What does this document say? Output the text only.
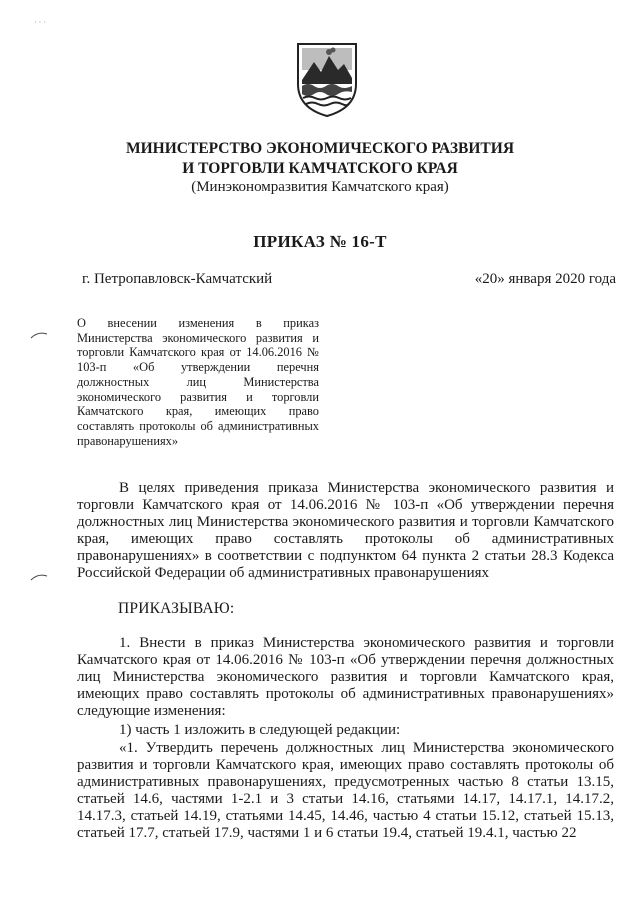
· · ·
МИНИСТЕРСТВО ЭКОНОМИЧЕСКОГО РАЗВИТИЯ
И ТОРГОВЛИ КАМЧАТСКОГО КРАЯ
(Минэкономразвития Камчатского края)
ПРИКАЗ № 16-Т
г. Петропавловск-Камчатский	«20» января 2020 года
О внесении изменения в приказ Министерства экономического развития и торговли Камчатского края от 14.06.2016 № 103-п «Об утверждении перечня должностных лиц Министерства экономического развития и торговли Камчатского края, имеющих право составлять протоколы об административных правонарушениях»
В целях приведения приказа Министерства экономического развития и торговли Камчатского края от 14.06.2016 № 103-п «Об утверждении перечня должностных лиц Министерства экономического развития и торговли Камчатского края, имеющих право составлять протоколы об административных правонарушениях» в соответствии с подпунктом 64 пункта 2 статьи 28.3 Кодекса Российской Федерации об административных правонарушениях
ПРИКАЗЫВАЮ:
1. Внести в приказ Министерства экономического развития и торговли Камчатского края от 14.06.2016 № 103-п «Об утверждении перечня должностных лиц Министерства экономического развития и торговли Камчатского края, имеющих право составлять протоколы об административных правонарушениях» следующие изменения:
1) часть 1 изложить в следующей редакции:
«1. Утвердить перечень должностных лиц Министерства экономического развития и торговли Камчатского края, имеющих право составлять протоколы об административных правонарушениях, предусмотренных частью 8 статьи 13.15, статьей 14.6, частями 1-2.1 и 3 статьи 14.16, статьями 14.17, 14.17.1, 14.17.2, 14.17.3, статьей 14.19, статьями 14.45, 14.46, частью 4 статьи 15.12, статьей 15.13, статьей 17.7, статьей 17.9, частями 1 и 6 статьи 19.4, статьей 19.4.1, частью 22
